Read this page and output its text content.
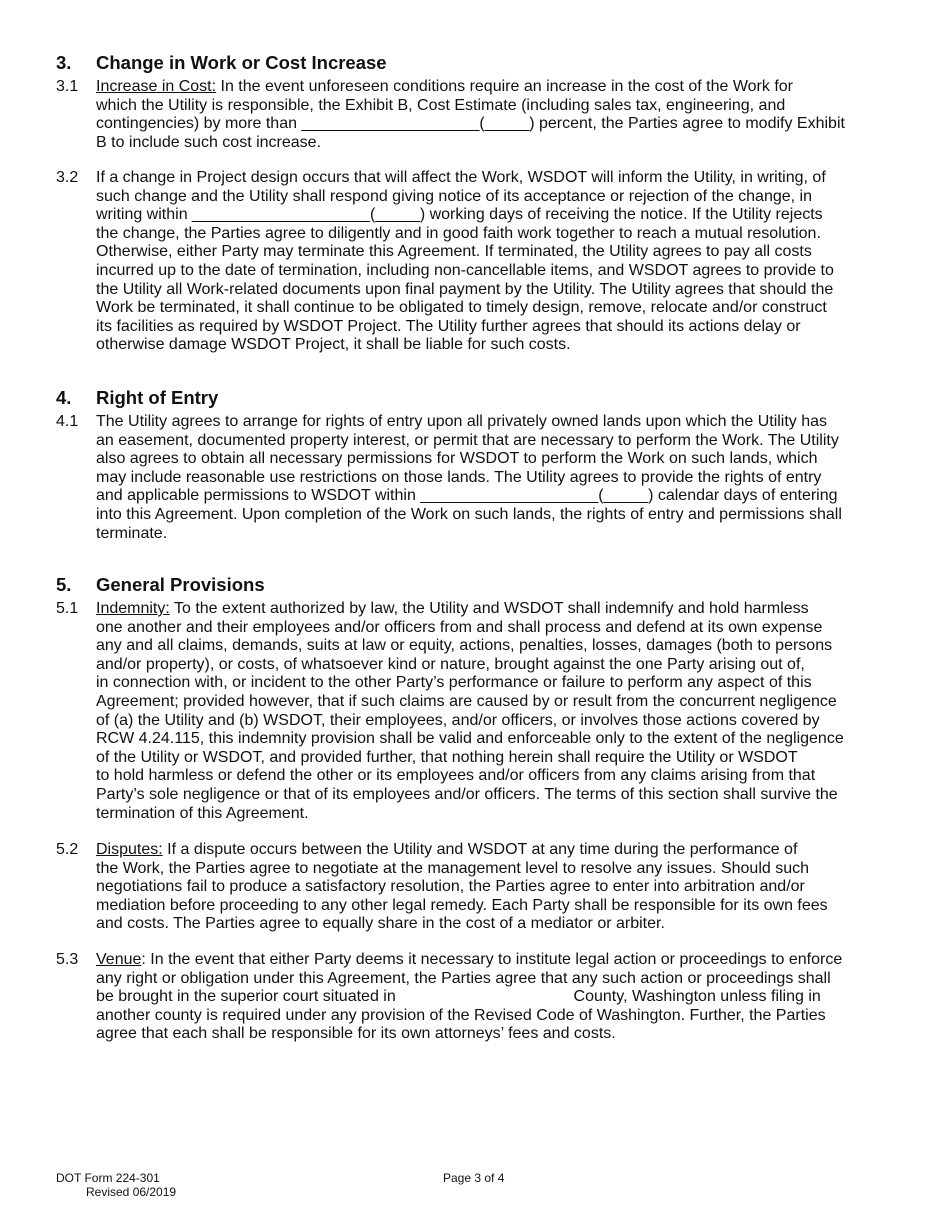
3. Change in Work or Cost Increase
3.1 Increase in Cost: In the event unforeseen conditions require an increase in the cost of the Work for
which the Utility is responsible, the Exhibit B, Cost Estimate (including sales tax, engineering, and
contingencies) by more than ____________________(_____) percent, the Parties agree to modify Exhibit
B to include such cost increase.
3.2 If a change in Project design occurs that will affect the Work, WSDOT will inform the Utility, in writing, of
such change and the Utility shall respond giving notice of its acceptance or rejection of the change, in
writing within ____________________(_____) working days of receiving the notice. If the Utility rejects
the change, the Parties agree to diligently and in good faith work together to reach a mutual resolution.
Otherwise, either Party may terminate this Agreement. If terminated, the Utility agrees to pay all costs
incurred up to the date of termination, including non-cancellable items, and WSDOT agrees to provide to
the Utility all Work-related documents upon final payment by the Utility. The Utility agrees that should the
Work be terminated, it shall continue to be obligated to timely design, remove, relocate and/or construct
its facilities as required by WSDOT Project. The Utility further agrees that should its actions delay or
otherwise damage WSDOT Project, it shall be liable for such costs.
4. Right of Entry
4.1 The Utility agrees to arrange for rights of entry upon all privately owned lands upon which the Utility has
an easement, documented property interest, or permit that are necessary to perform the Work. The Utility
also agrees to obtain all necessary permissions for WSDOT to perform the Work on such lands, which
may include reasonable use restrictions on those lands. The Utility agrees to provide the rights of entry
and applicable permissions to WSDOT within ____________________(_____) calendar days of entering
into this Agreement. Upon completion of the Work on such lands, the rights of entry and permissions shall
terminate.
5. General Provisions
5.1 Indemnity: To the extent authorized by law, the Utility and WSDOT shall indemnify and hold harmless
one another and their employees and/or officers from and shall process and defend at its own expense
any and all claims, demands, suits at law or equity, actions, penalties, losses, damages (both to persons
and/or property), or costs, of whatsoever kind or nature, brought against the one Party arising out of,
in connection with, or incident to the other Party’s performance or failure to perform any aspect of this
Agreement; provided however, that if such claims are caused by or result from the concurrent negligence
of (a) the Utility and (b) WSDOT, their employees, and/or officers, or involves those actions covered by
RCW 4.24.115, this indemnity provision shall be valid and enforceable only to the extent of the negligence
of the Utility or WSDOT, and provided further, that nothing herein shall require the Utility or WSDOT
to hold harmless or defend the other or its employees and/or officers from any claims arising from that
Party’s sole negligence or that of its employees and/or officers. The terms of this section shall survive the
termination of this Agreement.
5.2 Disputes: If a dispute occurs between the Utility and WSDOT at any time during the performance of
the Work, the Parties agree to negotiate at the management level to resolve any issues. Should such
negotiations fail to produce a satisfactory resolution, the Parties agree to enter into arbitration and/or
mediation before proceeding to any other legal remedy. Each Party shall be responsible for its own fees
and costs. The Parties agree to equally share in the cost of a mediator or arbiter.
5.3 Venue: In the event that either Party deems it necessary to institute legal action or proceedings to enforce
any right or obligation under this Agreement, the Parties agree that any such action or proceedings shall
be brought in the superior court situated in                                        County, Washington unless filing in
another county is required under any provision of the Revised Code of Washington. Further, the Parties
agree that each shall be responsible for its own attorneys’ fees and costs.
DOT Form 224-301
Revised 06/2019
Page 3 of 4
